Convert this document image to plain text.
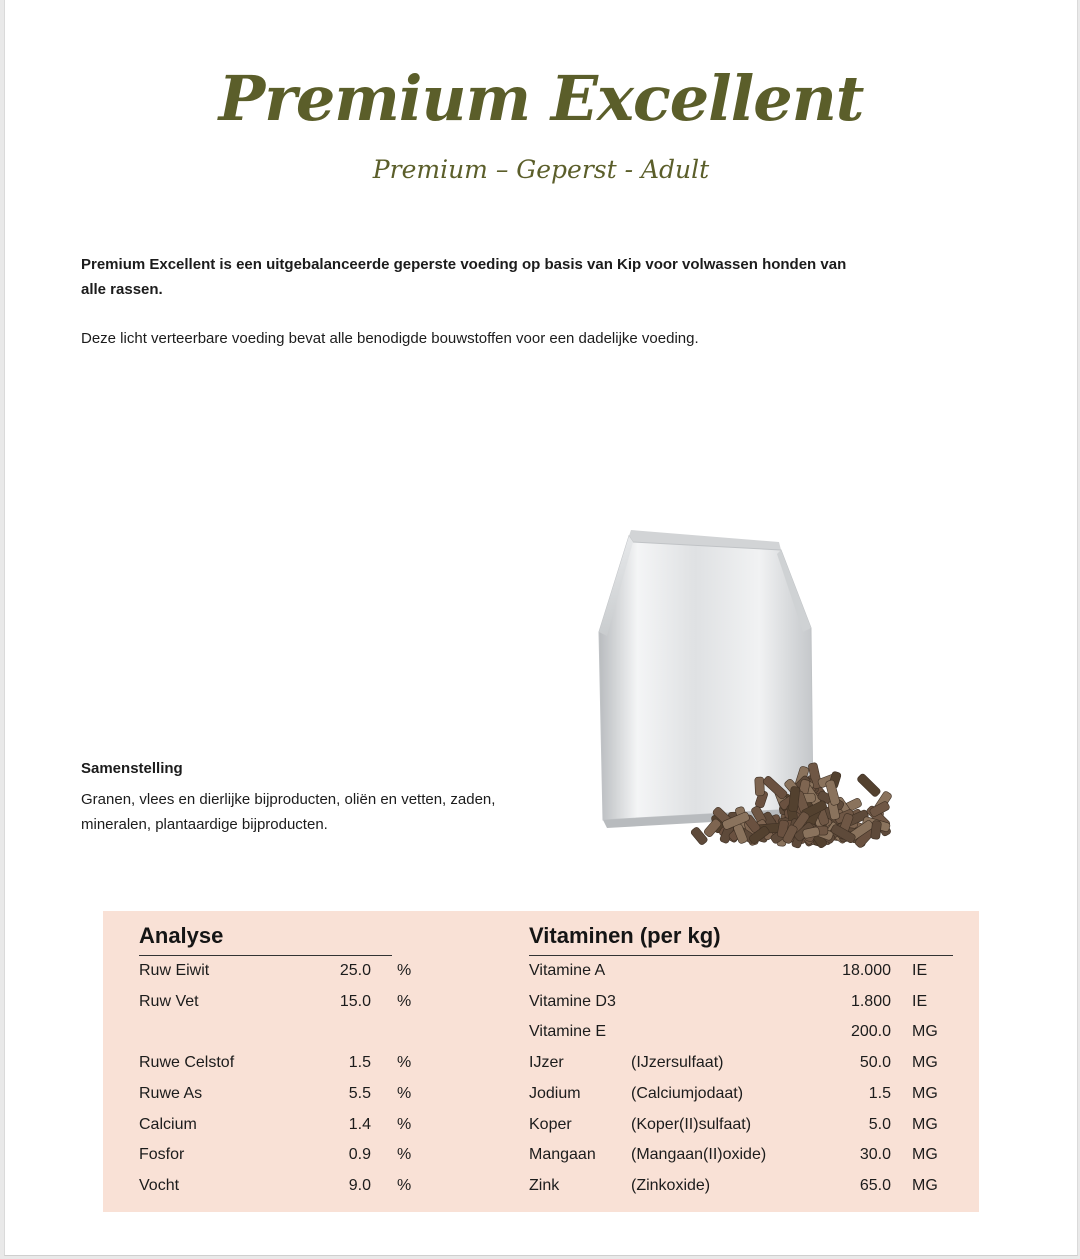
Premium Excellent
Premium – Geperst - Adult
Premium Excellent is een uitgebalanceerde geperste voeding op basis van Kip voor volwassen honden van alle rassen.
Deze licht verteerbare voeding bevat alle benodigde bouwstoffen voor een dadelijke voeding.
Samenstelling
Granen, vlees en dierlijke bijproducten, oliën en vetten, zaden, mineralen, plantaardige bijproducten.
Analyse
Ruw Eiwit	25.0 %
Ruw Vet	15.0 %
Ruwe Celstof	1.5 %
Ruwe As	5.5 %
Calcium	1.4 %
Fosfor	0.9 %
Vocht	9.0 %
Vitaminen (per kg)
Vitamine A	18.000 IE
Vitamine D3	1.800 IE
Vitamine E	200.0 MG
IJzer	(IJzersulfaat)	50.0 MG
Jodium	(Calciumjodaat)	1.5 MG
Koper	(Koper(II)sulfaat)	5.0 MG
Mangaan (Mangaan(II)oxide)	30.0 MG
Zink	(Zinkoxide)	65.0 MG
